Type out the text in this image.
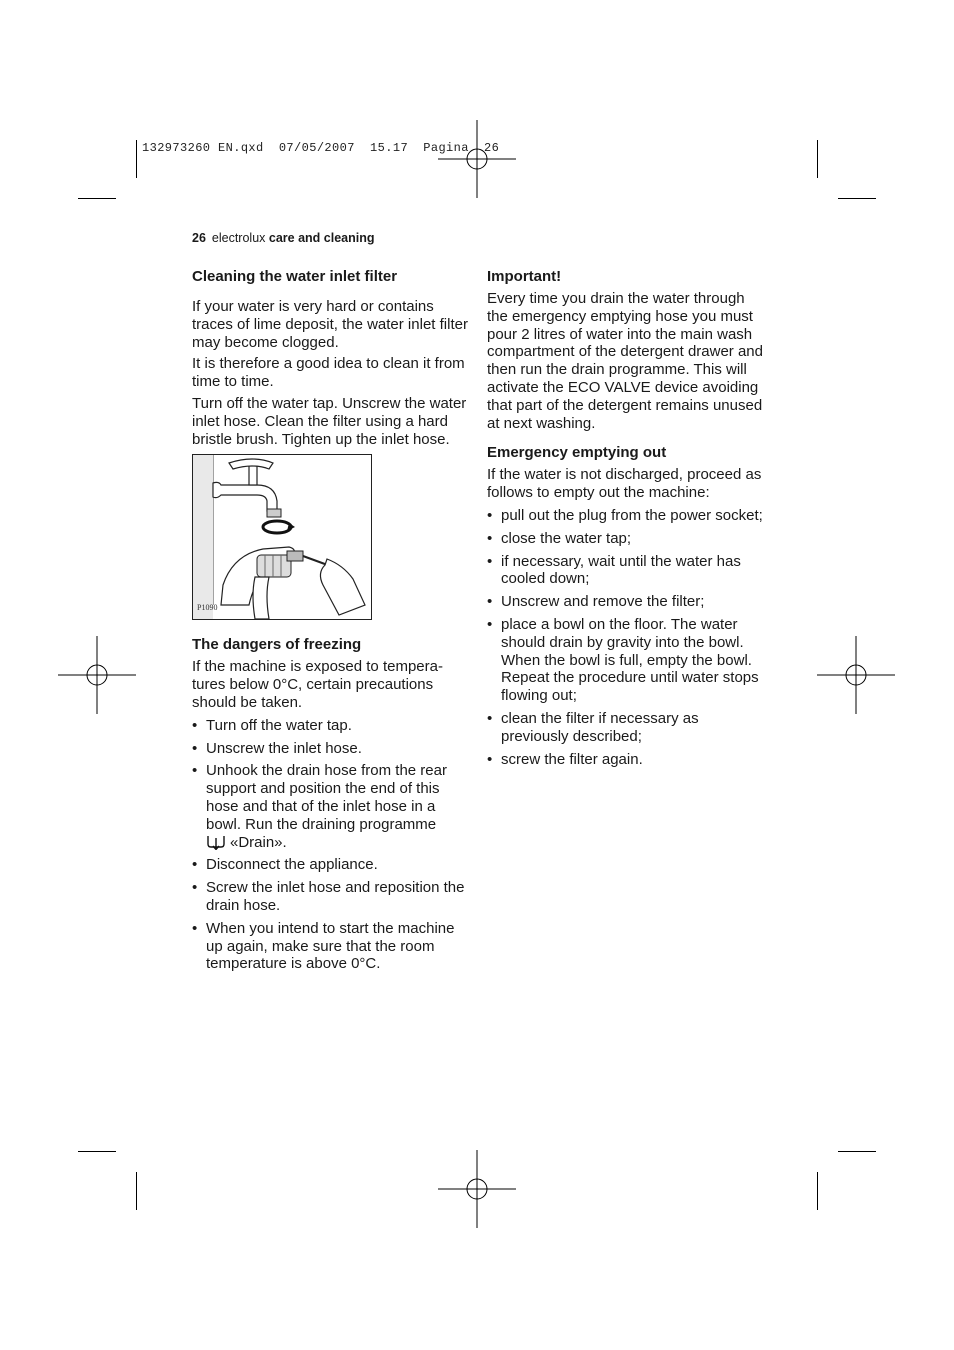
132973260 EN.qxd  07/05/2007  15.17  Pagina  26
26 electrolux care and cleaning
Cleaning the water inlet filter

If your water is very hard or contains traces of lime deposit, the water inlet filter may become clogged.

It is therefore a good idea to clean it from time to time.

Turn off the water tap. Unscrew the water inlet hose. Clean the filter using a hard bristle brush. Tighten up the inlet hose.

P1090
The dangers of freezing

If the machine is exposed to tempera- tures below 0°C, certain precautions should be taken.

• Turn off the water tap.
• Unscrew the inlet hose.
• Unhook the drain hose from the rear support and position the end of this hose and that of the inlet hose in a bowl. Run the draining programme
«Drain».
• Disconnect the appliance.
• Screw the inlet hose and reposition the drain hose.
• When you intend to start the machine up again, make sure that the room temperature is above 0°C.
Important!

Every time you drain the water through the emergency emptying hose you must pour 2 litres of water into the main wash compartment of the detergent drawer and then run the drain programme. This will activate the ECO VALVE device avoiding that part of the detergent remains unused at next washing.

Emergency emptying out

If the water is not discharged, proceed as follows to empty out the machine:

• pull out the plug from the power socket;
• close the water tap;
• if necessary, wait until the water has cooled down;
• Unscrew and remove the filter;
• place a bowl on the floor. The water should drain by gravity into the bowl. When the bowl is full, empty the bowl. Repeat the procedure until water stops flowing out;
• clean the filter if necessary as previously described;
• screw the filter again.
